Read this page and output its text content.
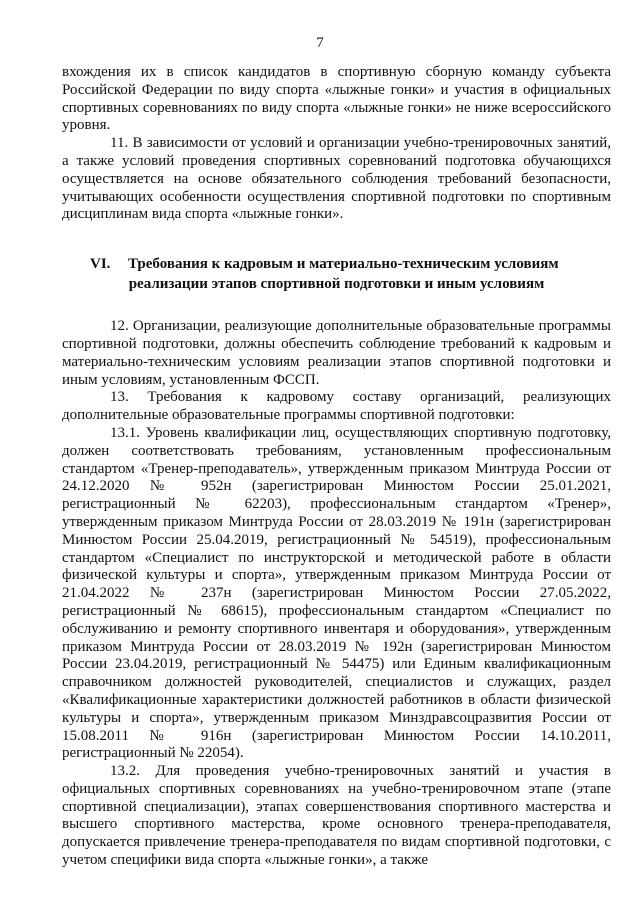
7

вхождения их в список кандидатов в спортивную сборную команду субъекта Российской Федерации по виду спорта «лыжные гонки» и участия в официальных спортивных соревнованиях по виду спорта «лыжные гонки» не ниже всероссийского уровня.

11. В зависимости от условий и организации учебно-тренировочных занятий, а также условий проведения спортивных соревнований подготовка обучающихся осуществляется на основе обязательного соблюдения требований безопасности, учитывающих особенности осуществления спортивной подготовки по спортивным дисциплинам вида спорта «лыжные гонки».

VI. Требования к кадровым и материально-техническим условиям
реализации этапов спортивной подготовки и иным условиям

12. Организации, реализующие дополнительные образовательные программы спортивной подготовки, должны обеспечить соблюдение требований к кадровым и материально-техническим условиям реализации этапов спортивной подготовки и иным условиям, установленным ФССП.

13. Требования к кадровому составу организаций, реализующих дополнительные образовательные программы спортивной подготовки:

13.1. Уровень квалификации лиц, осуществляющих спортивную подготовку, должен соответствовать требованиям, установленным профессиональным стандартом «Тренер-преподаватель», утвержденным приказом Минтруда России от 24.12.2020 № 952н (зарегистрирован Минюстом России 25.01.2021, регистрационный № 62203), профессиональным стандартом «Тренер», утвержденным приказом Минтруда России от 28.03.2019 № 191н (зарегистрирован Минюстом России 25.04.2019, регистрационный № 54519), профессиональным стандартом «Специалист по инструкторской и методической работе в области физической культуры и спорта», утвержденным приказом Минтруда России от 21.04.2022 № 237н (зарегистрирован Минюстом России 27.05.2022, регистрационный № 68615), профессиональным стандартом «Специалист по обслуживанию и ремонту спортивного инвентаря и оборудования», утвержденным приказом Минтруда России от 28.03.2019 № 192н (зарегистрирован Минюстом России 23.04.2019, регистрационный № 54475) или Единым квалификационным справочником должностей руководителей, специалистов и служащих, раздел «Квалификационные характеристики должностей работников в области физической культуры и спорта», утвержденным приказом Минздравсоцразвития России от 15.08.2011 № 916н (зарегистрирован Минюстом России 14.10.2011, регистрационный № 22054).

13.2. Для проведения учебно-тренировочных занятий и участия в официальных спортивных соревнованиях на учебно-тренировочном этапе (этапе спортивной специализации), этапах совершенствования спортивного мастерства и высшего спортивного мастерства, кроме основного тренера-преподавателя, допускается привлечение тренера-преподавателя по видам спортивной подготовки, с учетом специфики вида спорта «лыжные гонки», а также
